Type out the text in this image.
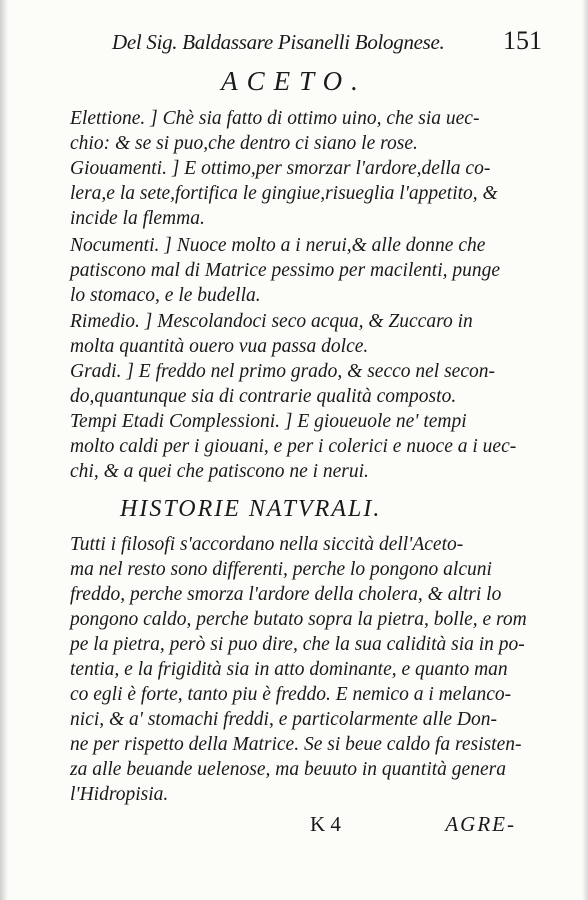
Del Sig. Baldassare Pisanelli Bolognese. 151
ACETO.
Elettione. ] Chè sia fatto di ottimo uino, che sia uec-
chio: & se si puo,che dentro ci siano le rose.
Giouamenti. ] E ottimo,per smorzar l'ardore,della co-
lera,e la sete,fortifica le gingiue,risueglia l'appetito, &
incide la flemma.
Nocumenti. ] Nuoce molto a i nerui,& alle donne che
patiscono mal di Matrice pessimo per macilenti, punge
lo stomaco, e le budella.
Rimedio. ] Mescolandoci seco acqua, & Zuccaro in
molta quantità ouero vua passa dolce.
Gradi. ] E freddo nel primo grado, & secco nel secon-
do,quantunque sia di contrarie qualità composto.
Tempi Etadi Complessioni. ] E gioueuole ne' tempi
molto caldi per i giouani, e per i colerici e nuoce a i uec-
chi, & a quei che patiscono ne i nerui.
HISTORIE NATVRALI.
Tutti i filosofi s'accordano nella siccità dell'Aceto-
ma nel resto sono differenti, perche lo pongono alcuni
freddo, perche smorza l'ardore della cholera, & altri lo
pongono caldo, perche butato sopra la pietra, bolle, e rom
pe la pietra, però si puo dire, che la sua calidità sia in po-
tentia, e la frigidità sia in atto dominante, e quanto man
co egli è forte, tanto piu è freddo. E nemico a i melanco-
nici, & a' stomachi freddi, e particolarmente alle Don-
ne per rispetto della Matrice. Se si beue caldo fa resisten-
za alle beuande uelenose, ma beuuto in quantità genera
l'Hidropisia.
K 4	AGRE-
